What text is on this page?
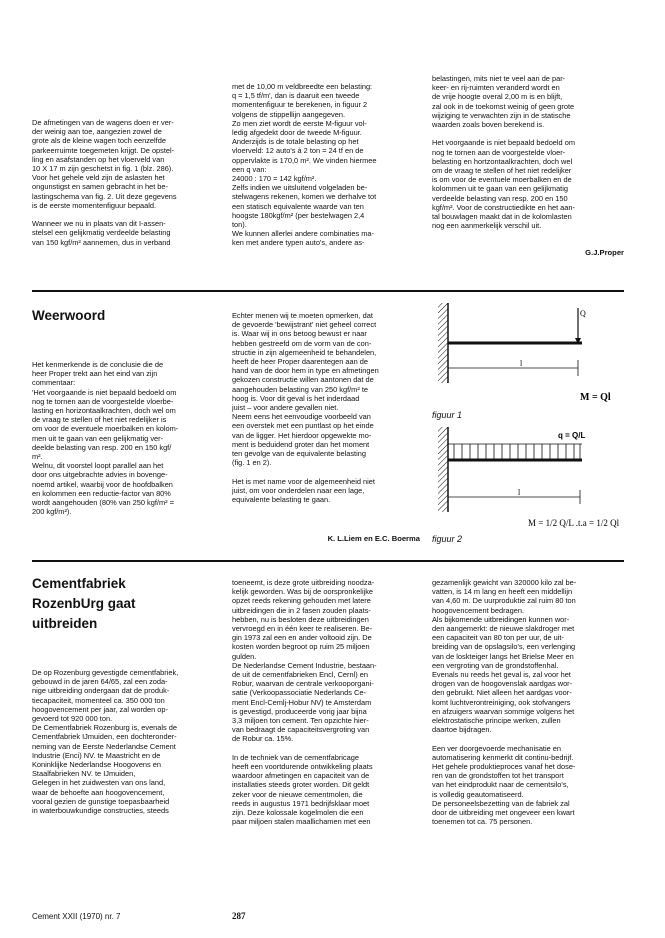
De afmetingen van de wagens doen er ver-
der weinig aan toe, aangezien zowel de
grote als de kleine wagen toch eenzelfde
parkeerruimte toegemeten krijgt. De opstel-
ling en asafstanden op het vloerveld van
10 X 17 m zijn geschetst in fig. 1 (blz. 286).
Voor het gehele veld zijn de aslasten het
ongunstigst en samen gebracht in het be-
lastingschema van fig. 2. Uit deze gegevens
is de eerste momentenfiguur bepaald.

Wanneer we nu in plaats van dit I-assen-
stelsel een gelijkmatig verdeelde belasting
van 150 kgf/m² aannemen, dus in verband
met de 10,00 m veldbreedte een belasting:
q = 1,5 tf/m', dan is daaruit een tweede
momentenfiguur te berekenen, in figuur 2
volgens de stippellijn aangegeven.
Zo men ziet wordt de eerste M-figuur vol-
ledig afgedekt door de tweede M-figuur.
Anderzijds is de totale belasting op het
vloerveld: 12 auto's à 2 ton = 24 tf en de
oppervlakte is 170,0 m². We vinden hiermee
een q van:
24000 : 170 = 142 kgf/m².
Zelfs indien we uitsluitend volgeladen be-
stelwagens rekenen, komen we derhalve tot
een statisch equivalente waarde van ten
hoogste 180kgf/m² (per bestelwagen 2,4
ton).
We kunnen allerlei andere combinaties ma-
ken met andere typen auto's, andere as-
belastingen, mits niet te veel aan de par-
keer- en rij-ruimten veranderd wordt en
de vrije hoogte overal 2,00 m is en blijft,
zal ook in de toekomst weinig of geen grote
wijziging te verwachten zijn in de statische
waarden zoals boven berekend is.

Het voorgaande is niet bepaald bedoeld om
nog te tornen aan de voorgestelde vloer-
belasting en hortzontaalkrachten, doch wel
om de vraag te stellen of het niet redelijker
is om voor de eventuele moerbalken en de
kolommen uit te gaan van een gelijkmatig
verdeelde belasting van resp. 200 en 150
kgf/m². Voor de constructiedikte en het aan-
tal bouwlagen maakt dat in de kolomlasten
nog een aanmerkelijk verschil uit.
G.J.Proper
Weerwoord
Het kenmerkende is de conclusie die de
heer Proper trekt aan het eind van zijn
commentaar:
'Het voorgaande is niet bepaald bedoeld om
nog te tornen aan de voorgestelde vloerbe-
lasting en horizontaalkrachten, doch wel om
de vraag te stellen of het niet redelijker is
om voor de eventuele moerbalken en kolom-
men uit te gaan van een gelijkmatig ver-
deelde belasting van resp. 200 en 150 kgf/
m².
Welnu, dit voorstel loopt parallel aan het
door ons uitgebrachte advies in bovenge-
noemd artikel, waarbij voor de hoofdbalken
en kolommen een reductie-factor van 80%
wordt aangehouden (80% van 250 kgf/m² =
200 kgf/m²).
Echter menen wij te moeten opmerken, dat
de gevoerde 'bewijstrant' niet geheel correct
is. Waar wij in ons betoog bewust er naar
hebben gestreefd om de vorm van de con-
structie in zijn algemeenheid te behandelen,
heeft de heer Proper daarentegen aan de
hand van de door hem in type en afmetingen
gekozen constructie willen aantonen dat de
aangehouden belasting van 250 kgf/m² te
hoog is. Voor dit geval is het inderdaad
juist – voor andere gevallen niet.
Neem eens het eenvoudige voorbeeld van
een overstek met een puntlast op het einde
van de ligger. Het hierdoor opgewekte mo-
ment is beduidend groter dan het moment
ten gevolge van de equivalente belasting
(fig. 1 en 2).

Het is met name voor de algemeenheid niet
juist, om voor onderdelen naar een lage,
equivalente belasting te gaan.
K. L.Liem en E.C. Boerma
Q
l
M = Ql
figuur 1
q = Q/L
l
M = 1/2 Q/L .t.a = 1/2 Ql
figuur 2
Cementfabriek
RozenbUrg gaat
uitbreiden
De op Rozenburg gevestigde cementfabriek,
gebouwd in de jaren 64/65, zal een zoda-
nige uitbreiding ondergaan dat de produk-
tiecapaciteit, momenteel ca. 350 000 ton
hoogovencement per jaar, zal worden op-
gevoerd tot 920 000 ton.
De Cementfabriek Rozenburg is, evenals de
Cementfabriek IJmuiden, een dochteronder-
neming van de Eerste Nederlandse Cement
Industrie (Enci) NV. te Maastricht en de
Koninklijke Nederlandse Hoogovens en
Staalfabrieken NV. te IJmuiden,
Gelegen in het zuidwesten van ons land,
waar de behoefte aan hoogovencement,
vooral gezien de gunstige toepasbaarheid
in waterbouwkundige constructies, steeds
toeneemt, is deze grote uitbreiding noodza-
kelijk geworden. Was bij de oorspronkelijke
opzet reeds rekening gehouden met latere
uitbreidingen die in 2 fasen zouden plaats-
hebben, nu is besloten deze uitbreidingen
vervroegd en in één keer te realiseren. Be-
gin 1973 zal een en ander voltooid zijn. De
kosten worden begroot op ruim 25 miljoen
gulden.
De Nederlandse Cement Industrie, bestaan-
de uit de cementfabrieken Encl, Cernl) en
Robur, waarvan de centrale verkooporgani-
satie (Verkoopassociatie Nederlands Ce-
ment Encl-Cemlj-Hobur NV) te Amsterdam
is gevestigd, produceerde vorig jaar bijna
3,3 miljoen ton cement. Ten opzichte hier-
van bedraagt de capaciteitsvergroting van
de Robur ca. 15%.

In de techniek van de cementfabricage
heeft een voortdurende ontwikkeling plaats
waardoor afmetingen en capaciteit van de
installaties steeds groter worden. Dit geldt
zeker voor de nieuwe cementmolen, die
reeds in augustus 1971 bedrijfsklaar moet
zijn. Deze kolossale kogelmolen die een
paar miljoen stalen maallichamen met een
gezamenlijk gewicht van 320000 kilo zal be-
vatten, is 14 m lang en heeft een middellijn
van 4,60 m. De uurproduktie zal ruim 80 ton
hoogovencement bedragen.
Als bijkomende uitbreidingen kunnen wor-
den aangemerkt: de nieuwe slakdroger met
een capaciteit van 80 ton per uur, de uit-
breiding van de opslagsilo's, een verlenging
van de loskteiger langs het Brielse Meer en
een vergroting van de grondstoffenhal.
Evenals nu reeds het geval is, zal voor het
drogen van de hoogovenslak aardgas wor-
den gebruikt. Niet alleen het aardgas voor-
komt luchtverontreiniging, ook stofvangers
en afzuigers waarvan sommige volgens het
elektrostatische principe werken, zullen
daartoe bijdragen.

Een ver doorgevoerde mechanisatie en
automatisering kenmerkt dit continu-bedrijf.
Het gehele produktieproces vanaf het dose-
ren van de grondstoffen tot het transport
van het eindprodukt naar de cementsilo's,
is volledig geautomatiseerd.
De personeelsbezetting van de fabriek zal
door de uitbreiding met ongeveer een kwart
toenemen tot ca. 75 personen.
Cement XXII (1970) nr. 7	287
